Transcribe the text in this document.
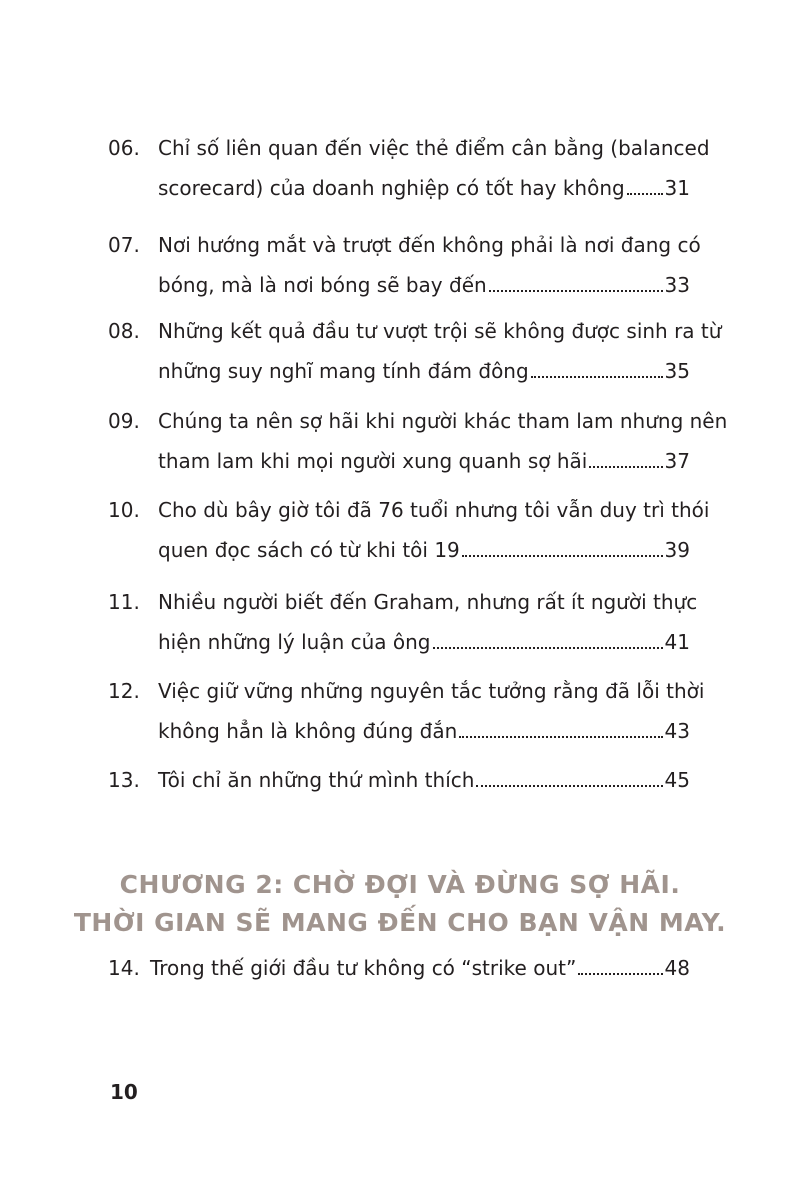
06. Chỉ số liên quan đến việc thẻ điểm cân bằng (balanced
scorecard) của doanh nghiệp có tốt hay không 31
07. Nơi hướng mắt và trượt đến không phải là nơi đang có
bóng, mà là nơi bóng sẽ bay đến	33
08. Những kết quả đầu tư vượt trội sẽ không được sinh ra từ
những suy nghĩ mang tính đám đông	35
09. Chúng ta nên sợ hãi khi người khác tham lam nhưng nên
tham lam khi mọi người xung quanh sợ hãi	37
10. Cho dù bây giờ tôi đã 76 tuổi nhưng tôi vẫn duy trì thói
quen đọc sách có từ khi tôi 19	39
11. Nhiều người biết đến Graham, nhưng rất ít người thực
hiện những lý luận của ông	41
12. Việc giữ vững những nguyên tắc tưởng rằng đã lỗi thời
không hẳn là không đúng đắn	43
13. Tôi chỉ ăn những thứ mình thích	45
CHƯƠNG 2: CHỜ ĐỢI VÀ ĐỪNG SỢ HÃI.
THỜI GIAN SẼ MANG ĐẾN CHO BẠN VẬN MAY.
14. Trong thế giới đầu tư không có “strike out”	48
10
